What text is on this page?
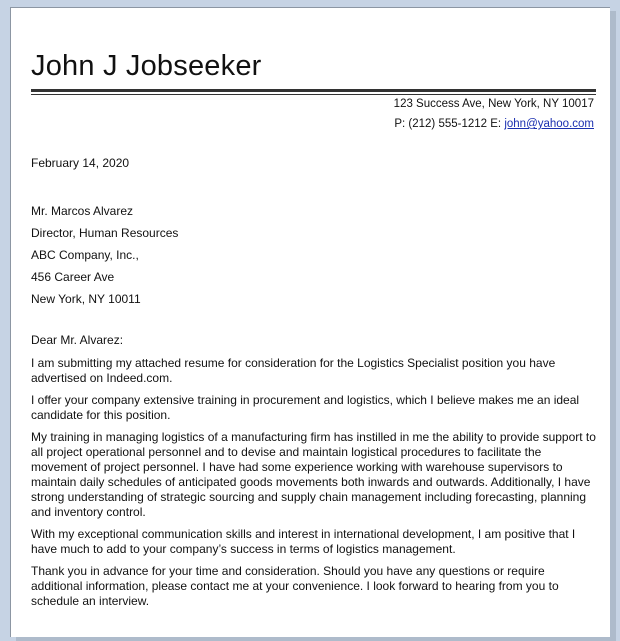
John J Jobseeker
123 Success Ave, New York, NY 10017
P: (212) 555-1212 E: john@yahoo.com
February 14, 2020
Mr. Marcos Alvarez
Director, Human Resources
ABC Company, Inc.,
456 Career Ave
New York, NY 10011
Dear Mr. Alvarez:

I am submitting my attached resume for consideration for the Logistics Specialist position you have advertised on Indeed.com.

I offer your company extensive training in procurement and logistics, which I believe makes me an ideal candidate for this position.

My training in managing logistics of a manufacturing firm has instilled in me the ability to provide support to all project operational personnel and to devise and maintain logistical procedures to facilitate the movement of project personnel. I have had some experience working with warehouse supervisors to maintain daily schedules of anticipated goods movements both inwards and outwards. Additionally, I have strong understanding of strategic sourcing and supply chain management including forecasting, planning and inventory control.

With my exceptional communication skills and interest in international development, I am positive that I have much to add to your company’s success in terms of logistics management.

Thank you in advance for your time and consideration. Should you have any questions or require additional information, please contact me at your convenience. I look forward to hearing from you to schedule an interview.
